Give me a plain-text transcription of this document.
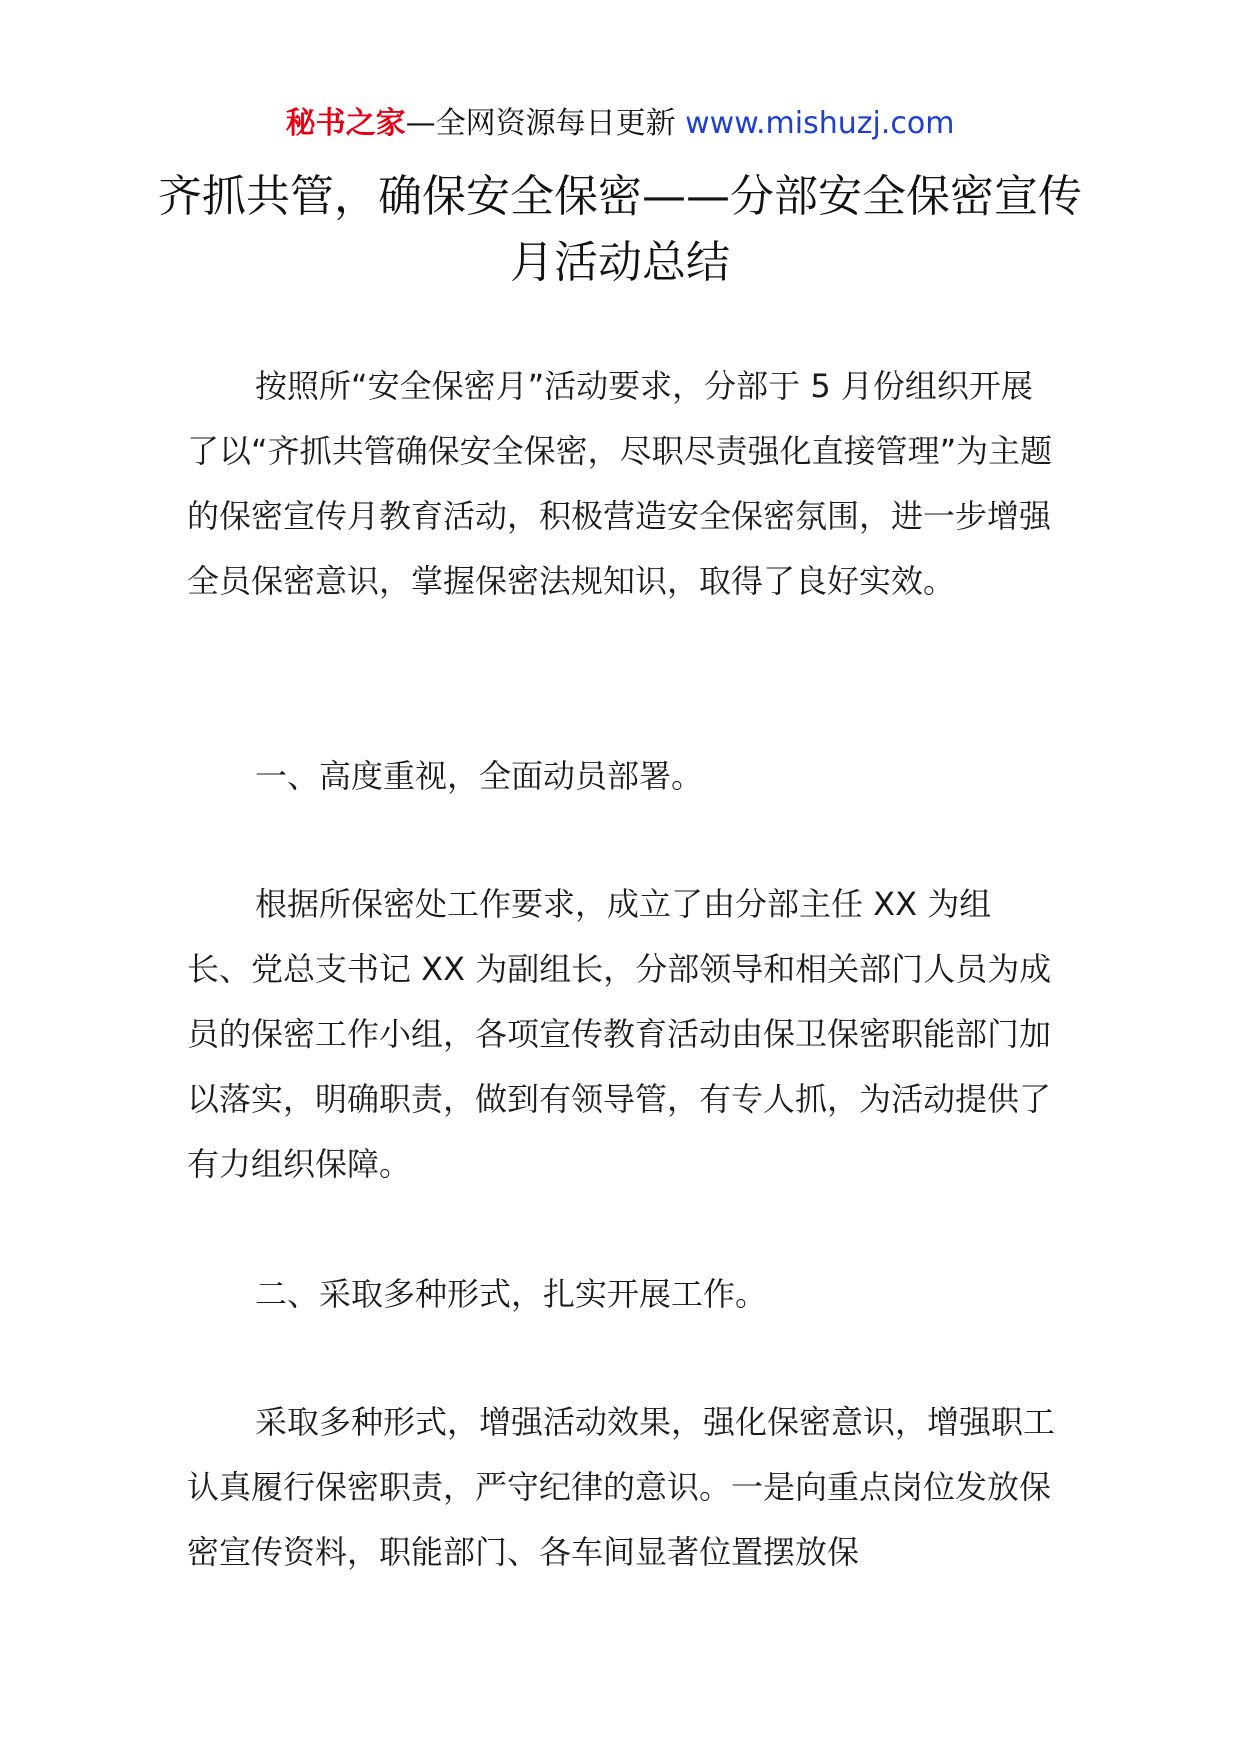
秘书之家—全网资源每日更新 www.mishuzj.com
齐抓共管，确保安全保密——分部安全保密宣传月活动总结

按照所“安全保密月”活动要求，分部于 5 月份组织开展了以“齐抓共管确保安全保密，尽职尽责强化直接管理”为主题的保密宣传月教育活动，积极营造安全保密氛围，进一步增强全员保密意识，掌握保密法规知识，取得了良好实效。

一、高度重视，全面动员部署。

根据所保密处工作要求，成立了由分部主任 XX 为组长、党总支书记 XX 为副组长，分部领导和相关部门人员为成员的保密工作小组，各项宣传教育活动由保卫保密职能部门加以落实，明确职责，做到有领导管，有专人抓，为活动提供了有力组织保障。

二、采取多种形式，扎实开展工作。

采取多种形式，增强活动效果，强化保密意识，增强职工认真履行保密职责，严守纪律的意识。一是向重点岗位发放保密宣传资料，职能部门、各车间显著位置摆放保
